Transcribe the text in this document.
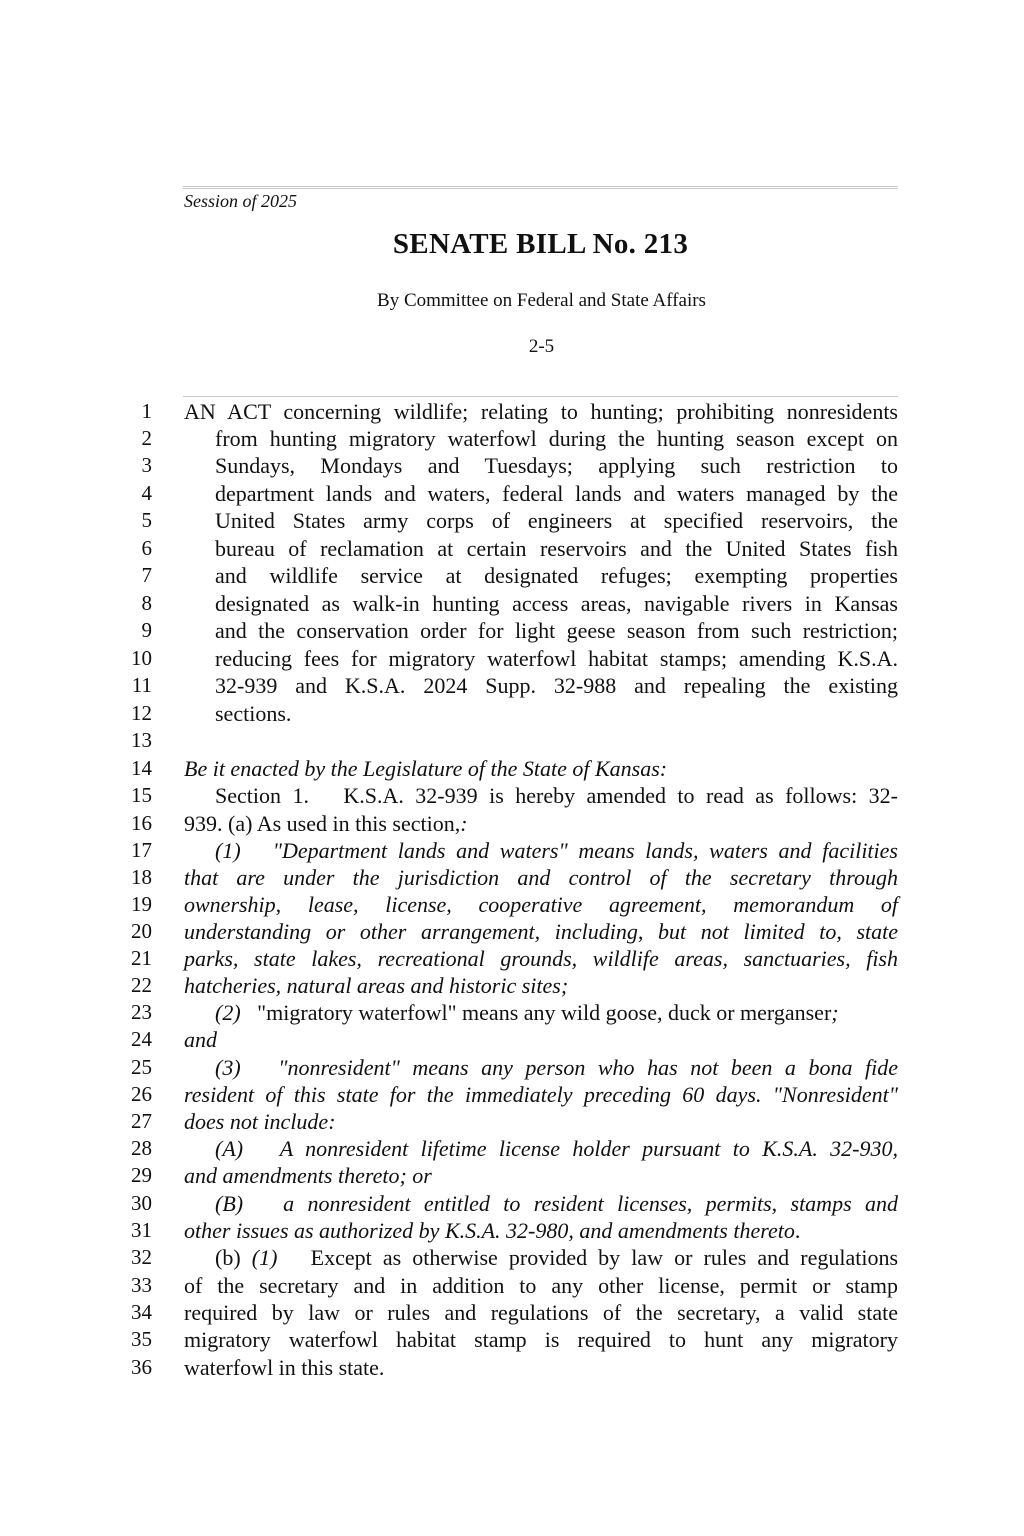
Session of 2025
SENATE BILL No. 213
By Committee on Federal and State Affairs
2-5
1 AN ACT concerning wildlife; relating to hunting; prohibiting nonresidents
2	from hunting migratory waterfowl during the hunting season except on
3	Sundays, Mondays and Tuesdays; applying such restriction to
4	department lands and waters, federal lands and waters managed by the
5	United States army corps of engineers at specified reservoirs, the
6	bureau of reclamation at certain reservoirs and the United States fish
7	and wildlife service at designated refuges; exempting properties
8	designated as walk-in hunting access areas, navigable rivers in Kansas
9	and the conservation order for light geese season from such restriction;
10	reducing fees for migratory waterfowl habitat stamps; amending K.S.A.
11	32-939 and K.S.A. 2024 Supp. 32-988 and repealing the existing
12	sections.
13
14 Be it enacted by the Legislature of the State of Kansas:
15	Section 1.   K.S.A. 32-939 is hereby amended to read as follows: 32-
16 939. (a) As used in this section,:
17	(1)   "Department lands and waters" means lands, waters and facilities
18 that are under the jurisdiction and control of the secretary through
19 ownership, lease, license, cooperative agreement, memorandum of
20 understanding or other arrangement, including, but not limited to, state
21 parks, state lakes, recreational grounds, wildlife areas, sanctuaries, fish
22 hatcheries, natural areas and historic sites;
23	(2)   "migratory waterfowl" means any wild goose, duck or merganser;
24 and
25	(3)   "nonresident" means any person who has not been a bona fide
26 resident of this state for the immediately preceding 60 days. "Nonresident"
27 does not include:
28	(A)   A nonresident lifetime license holder pursuant to K.S.A. 32-930,
29 and amendments thereto; or
30	(B)   a nonresident entitled to resident licenses, permits, stamps and
31 other issues as authorized by K.S.A. 32-980, and amendments thereto.
32	(b) (1)   Except as otherwise provided by law or rules and regulations
33 of the secretary and in addition to any other license, permit or stamp
34 required by law or rules and regulations of the secretary, a valid state
35 migratory waterfowl habitat stamp is required to hunt any migratory
36 waterfowl in this state.
